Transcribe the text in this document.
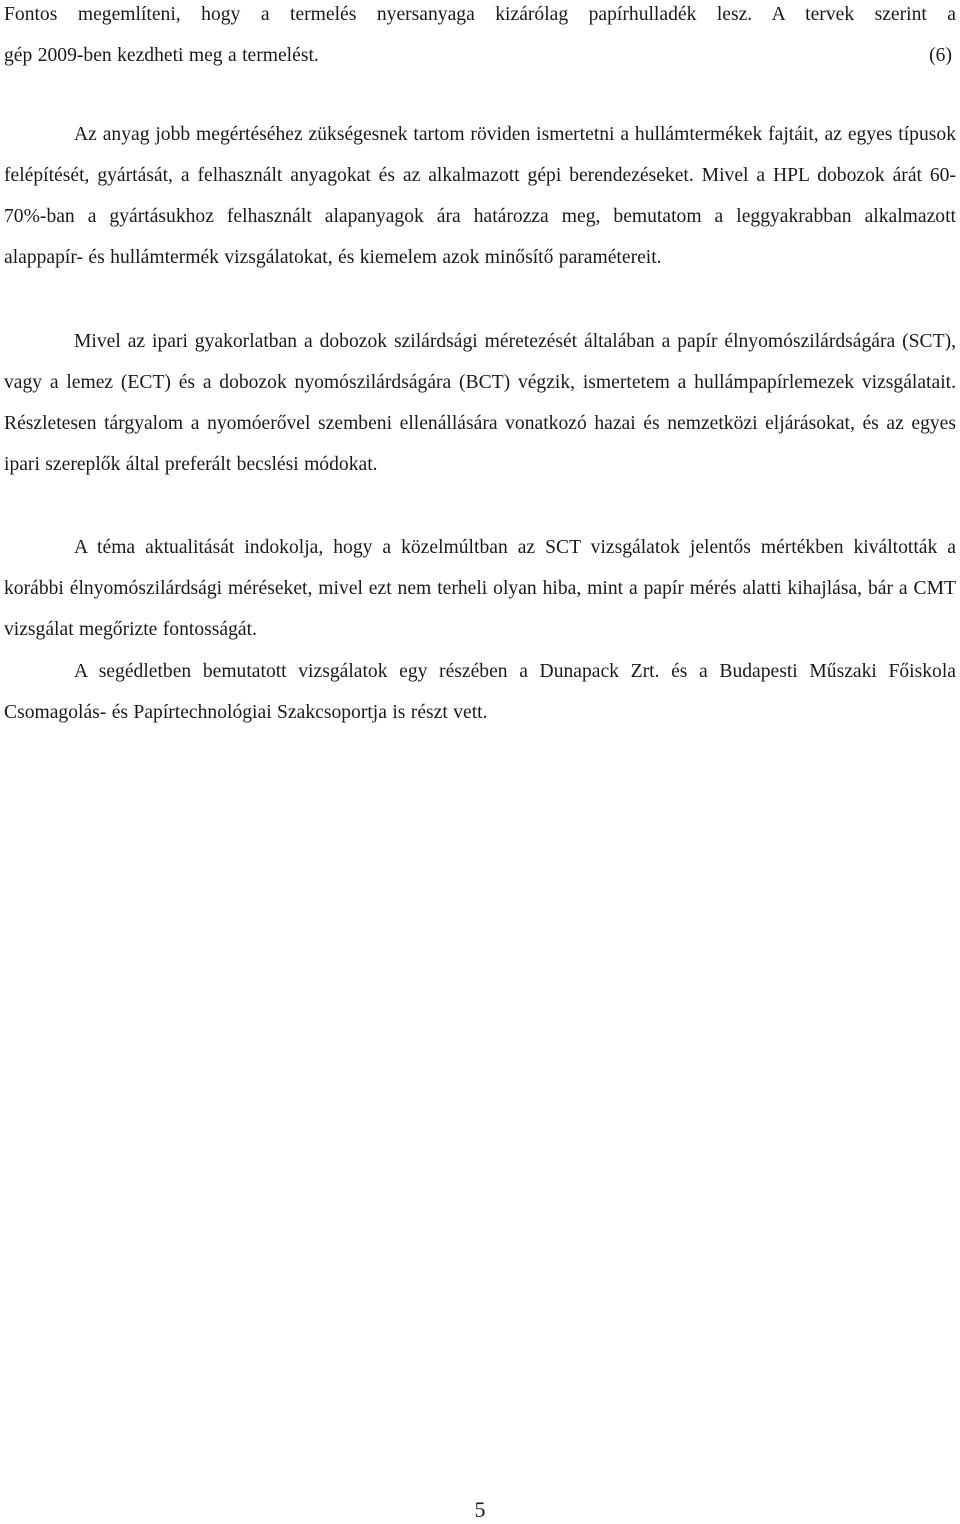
Fontos megemlíteni, hogy a termelés nyersanyaga kizárólag papírhulladék lesz. A tervek szerint a

gép 2009-ben kezdheti meg a termelést.	(6)

Az anyag jobb megértéséhez zükségesnek tartom röviden ismertetni a hullámtermékek fajtáit, az egyes típusok felépítését, gyártását, a felhasznált anyagokat és az alkalmazott gépi berendezéseket. Mivel a HPL dobozok árát 60-70%-ban a gyártásukhoz felhasznált alapanyagok ára határozza meg, bemutatom a leggyakrabban alkalmazott alappapír- és hullámtermék vizsgálatokat, és kiemelem azok minősítő paramétereit.

Mivel az ipari gyakorlatban a dobozok szilárdsági méretezését általában a papír élnyomószilárdságára (SCT), vagy a lemez (ECT) és a dobozok nyomószilárdságára (BCT) végzik, ismertetem a hullámpapírlemezek vizsgálatait. Részletesen tárgyalom a nyomóerővel szembeni ellenállására vonatkozó hazai és nemzetközi eljárásokat, és az egyes ipari szereplők által preferált becslési módokat.

A téma aktualitását indokolja, hogy a közelmúltban az SCT vizsgálatok jelentős mértékben kiváltották a korábbi élnyomószilárdsági méréseket, mivel ezt nem terheli olyan hiba, mint a papír mérés alatti kihajlása, bár a CMT vizsgálat megőrizte fontosságát.

A segédletben bemutatott vizsgálatok egy részében a Dunapack Zrt. és a Budapesti Műszaki Főiskola Csomagolás- és Papírtechnológiai Szakcsoportja is részt vett.

5
